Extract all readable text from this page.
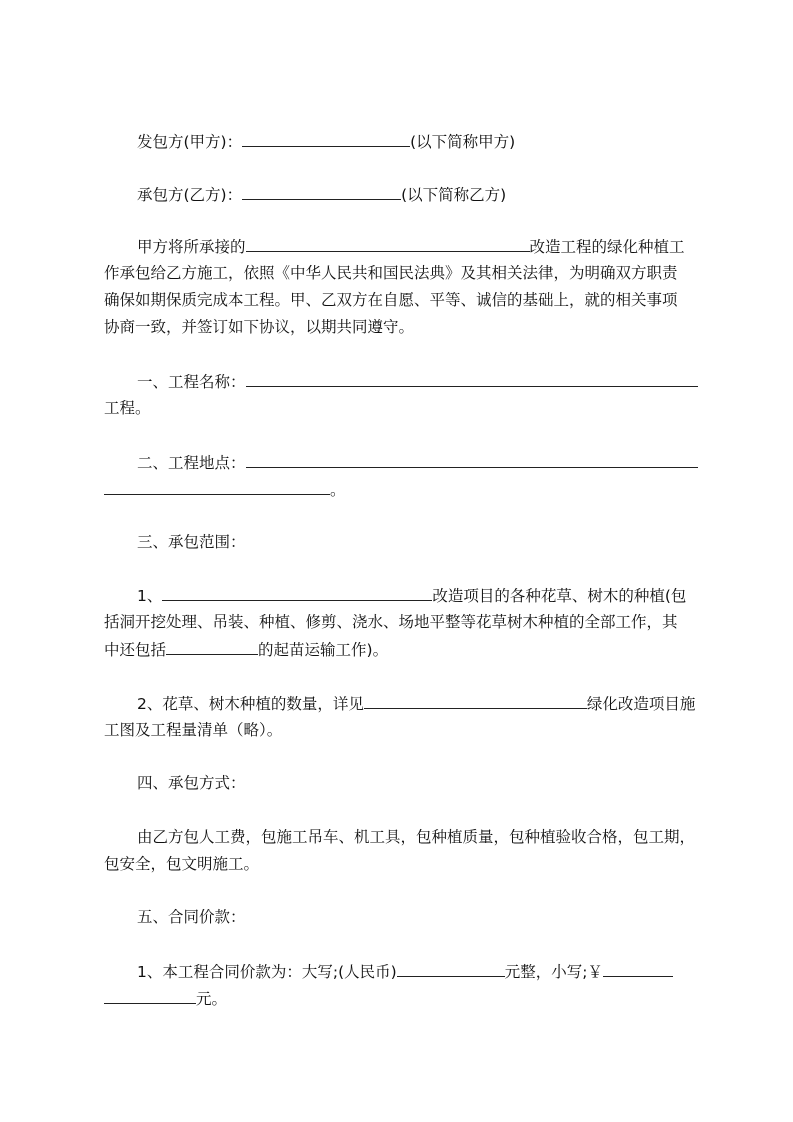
发包方(甲方)：	(以下简称甲方)
承包方(乙方)：	(以下简称乙方)
甲方将所承接的	改造工程的绿化种植工
作承包给乙方施工，依照《中华人民共和国民法典》及其相关法律，为明确双方职责
确保如期保质完成本工程。甲、乙双方在自愿、平等、诚信的基础上，就的相关事项
协商一致，并签订如下协议，以期共同遵守。
一、工程名称：
工程。
二、工程地点：
。
三、承包范围：
1、	改造项目的各种花草、树木的种植(包
括洞开挖处理、吊装、种植、修剪、浇水、场地平整等花草树木种植的全部工作，其
中还包括	的起苗运输工作)。
2、花草、树木种植的数量，详见	绿化改造项目施
工图及工程量清单（略）。
四、承包方式：
由乙方包人工费，包施工吊车、机工具，包种植质量，包种植验收合格，包工期，
包安全，包文明施工。
五、合同价款：
1、本工程合同价款为：大写;(人民币)	元整，小写;￥
元。
